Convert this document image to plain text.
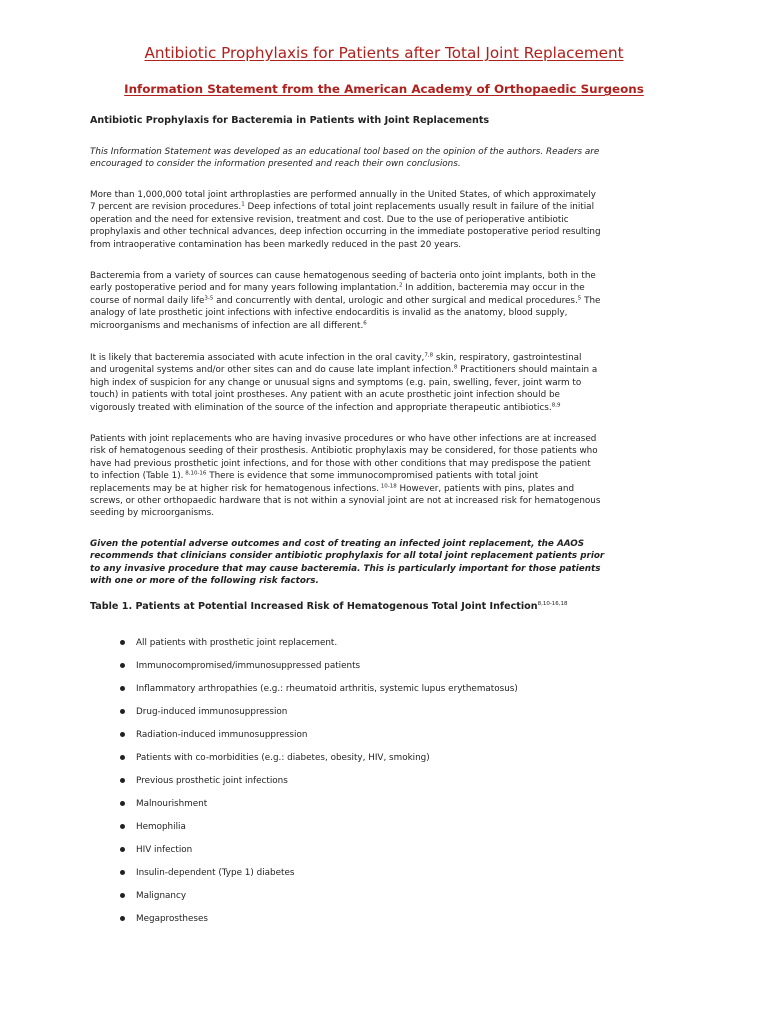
Antibiotic Prophylaxis for Patients after Total Joint Replacement
Information Statement from the American Academy of Orthopaedic Surgeons
Antibiotic Prophylaxis for Bacteremia in Patients with Joint Replacements

This Information Statement was developed as an educational tool based on the opinion of the authors. Readers are
encouraged to consider the information presented and reach their own conclusions.

More than 1,000,000 total joint arthroplasties are performed annually in the United States, of which approximately
7 percent are revision procedures.$^1$ Deep infections of total joint replacements usually result in failure of the initial
operation and the need for extensive revision, treatment and cost. Due to the use of perioperative antibiotic
prophylaxis and other technical advances, deep infection occurring in the immediate postoperative period resulting
from intraoperative contamination has been markedly reduced in the past 20 years.

Bacteremia from a variety of sources can cause hematogenous seeding of bacteria onto joint implants, both in the
early postoperative period and for many years following implantation.$^2$ In addition, bacteremia may occur in the
course of normal daily life$^{3-5}$ and concurrently with dental, urologic and other surgical and medical procedures.$^5$ The
analogy of late prosthetic joint infections with infective endocarditis is invalid as the anatomy, blood supply,
microorganisms and mechanisms of infection are all different.$^6$

It is likely that bacteremia associated with acute infection in the oral cavity,$^{7,8}$ skin, respiratory, gastrointestinal
and urogenital systems and/or other sites can and do cause late implant infection.$^8$ Practitioners should maintain a
high index of suspicion for any change or unusual signs and symptoms (e.g. pain, swelling, fever, joint warm to
touch) in patients with total joint prostheses. Any patient with an acute prosthetic joint infection should be
vigorously treated with elimination of the source of the infection and appropriate therapeutic antibiotics.$^{8,9}$

Patients with joint replacements who are having invasive procedures or who have other infections are at increased
risk of hematogenous seeding of their prosthesis. Antibiotic prophylaxis may be considered, for those patients who
have had previous prosthetic joint infections, and for those with other conditions that may predispose the patient
to infection (Table 1). $^{8,10-16}$ There is evidence that some immunocompromised patients with total joint
replacements may be at higher risk for hematogenous infections. $^{10-18}$ However, patients with pins, plates and
screws, or other orthopaedic hardware that is not within a synovial joint are not at increased risk for hematogenous
seeding by microorganisms.

Given the potential adverse outcomes and cost of treating an infected joint replacement, the AAOS
recommends that clinicians consider antibiotic prophylaxis for all total joint replacement patients prior
to any invasive procedure that may cause bacteremia. This is particularly important for those patients
with one or more of the following risk factors.

Table 1. Patients at Potential Increased Risk of Hematogenous Total Joint Infection$^{8,10-16,18}$
All patients with prosthetic joint replacement.
Immunocompromised/immunosuppressed patients
Inflammatory arthropathies (e.g.: rheumatoid arthritis, systemic lupus erythematosus)
Drug-induced immunosuppression
Radiation-induced immunosuppression
Patients with co-morbidities (e.g.: diabetes, obesity, HIV, smoking)
Previous prosthetic joint infections
Malnourishment
Hemophilia
HIV infection
Insulin-dependent (Type 1) diabetes
Malignancy
Megaprostheses
